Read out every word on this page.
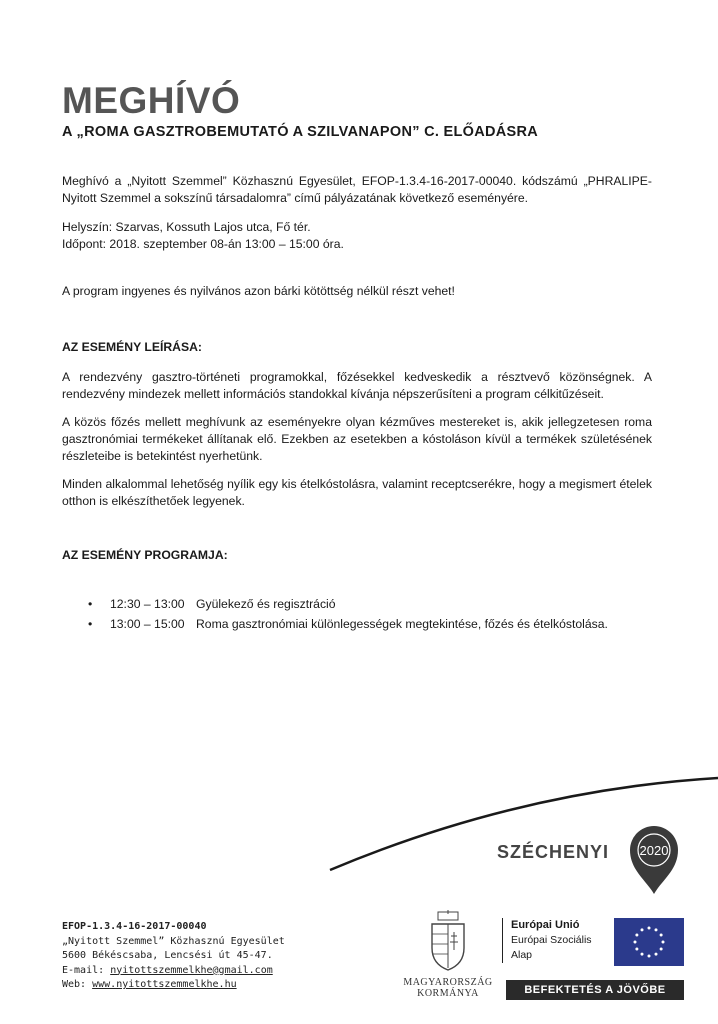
MEGHÍVÓ
A „ROMA GASZTROBEMUTATÓ A SZILVANAPON” C. ELŐADÁSRA
Meghívó a „Nyitott Szemmel” Közhasznú Egyesület, EFOP-1.3.4-16-2017-00040. kódszámú „PHRALIPE-Nyitott Szemmel a sokszínű társadalomra” című pályázatának következő eseményére.
Helyszín: Szarvas, Kossuth Lajos utca, Fő tér.
Időpont: 2018. szeptember 08-án 13:00 – 15:00 óra.
A program ingyenes és nyilvános azon bárki kötöttség nélkül részt vehet!
AZ ESEMÉNY LEÍRÁSA:
A rendezvény gasztro-történeti programokkal, főzésekkel kedveskedik a résztvevő közönségnek. A rendezvény mindezek mellett információs standokkal kívánja népszerűsíteni a program célkitűzéseit.
A közös főzés mellett meghívunk az eseményekre olyan kézműves mestereket is, akik jellegzetesen roma gasztronómiai termékeket állítanak elő. Ezekben az esetekben a kóstoláson kívül a termékek születésének részleteibe is betekintést nyerhetünk.
Minden alkalommal lehetőség nyílik egy kis ételkóstolásra, valamint receptcserékre, hogy a megismert ételek otthon is elkészíthetőek legyenek.
AZ ESEMÉNY PROGRAMJA:
• 12:30 – 13:00 Gyülekező és regisztráció
• 13:00 – 15:00 Roma gasztronómiai különlegességek megtekintése, főzés és ételkóstolása.
SZÉCHENYI 2020
EFOP-1.3.4-16-2017-00040
„Nyitott Szemmel” Közhasznú Egyesület
5600 Békéscsaba, Lencsési út 45-47.
E-mail: nyitottszemmelkhe@gmail.com
Web: www.nyitottszemmelkhe.hu	MAGYARORSZÁG
KORMÁNYA
Európai Unió
Európai Szociális
Alap
BEFEKTETÉS A JÖVŐBE
